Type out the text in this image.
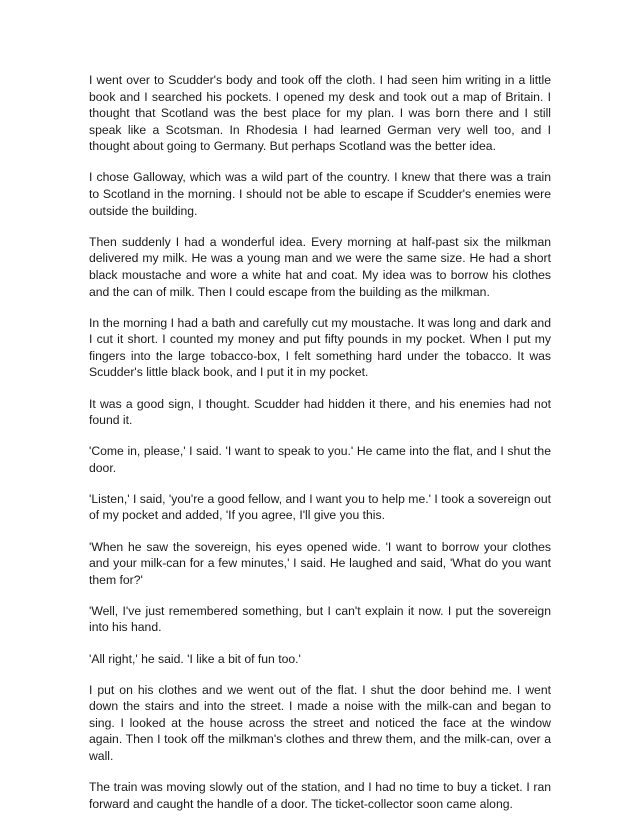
I went over to Scudder's body and took off the cloth. I had seen him writing in a little book and I searched his pockets. I opened my desk and took out a map of Britain. I thought that Scotland was the best place for my plan. I was born there and I still speak like a Scotsman. In Rhodesia I had learned German very well too, and I thought about going to Germany. But perhaps Scotland was the better idea.

I chose Galloway, which was a wild part of the country. I knew that there was a train to Scotland in the morning. I should not be able to escape if Scudder's enemies were outside the building.

Then suddenly I had a wonderful idea. Every morning at half-past six the milkman delivered my milk. He was a young man and we were the same size. He had a short black moustache and wore a white hat and coat. My idea was to borrow his clothes and the can of milk. Then I could escape from the building as the milkman.

In the morning I had a bath and carefully cut my moustache. It was long and dark and I cut it short. I counted my money and put fifty pounds in my pocket. When I put my fingers into the large tobacco-box, I felt something hard under the tobacco. It was Scudder's little black book, and I put it in my pocket.

It was a good sign, I thought. Scudder had hidden it there, and his enemies had not found it.

'Come in, please,' I said. 'I want to speak to you.' He came into the flat, and I shut the door.

'Listen,' I said, 'you're a good fellow, and I want you to help me.' I took a sovereign out of my pocket and added, 'If you agree, I'll give you this.

'When he saw the sovereign, his eyes opened wide. 'I want to borrow your clothes and your milk-can for a few minutes,' I said. He laughed and said, 'What do you want them for?'

'Well, I've just remembered something, but I can't explain it now. I put the sovereign into his hand.

'All right,' he said. 'I like a bit of fun too.'

I put on his clothes and we went out of the flat. I shut the door behind me. I went down the stairs and into the street. I made a noise with the milk-can and began to sing. I looked at the house across the street and noticed the face at the window again. Then I took off the milkman's clothes and threw them, and the milk-can, over a wall.

The train was moving slowly out of the station, and I had no time to buy a ticket. I ran forward and caught the handle of a door. The ticket-collector soon came along.
